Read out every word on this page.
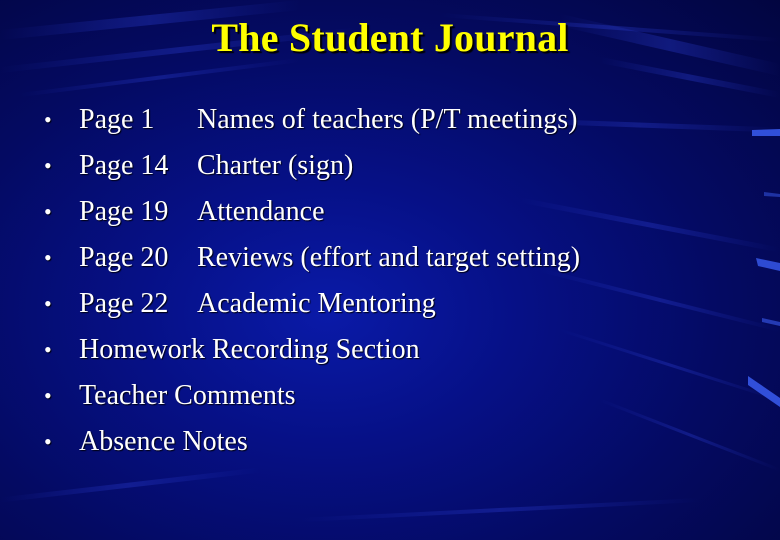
The Student Journal
• Page 1 Names of teachers (P/T meetings)
• Page 14 Charter (sign)
• Page 19 Attendance
• Page 20 Reviews (effort and target setting)
• Page 22 Academic Mentoring
• Homework Recording Section
• Teacher Comments
• Absence Notes
